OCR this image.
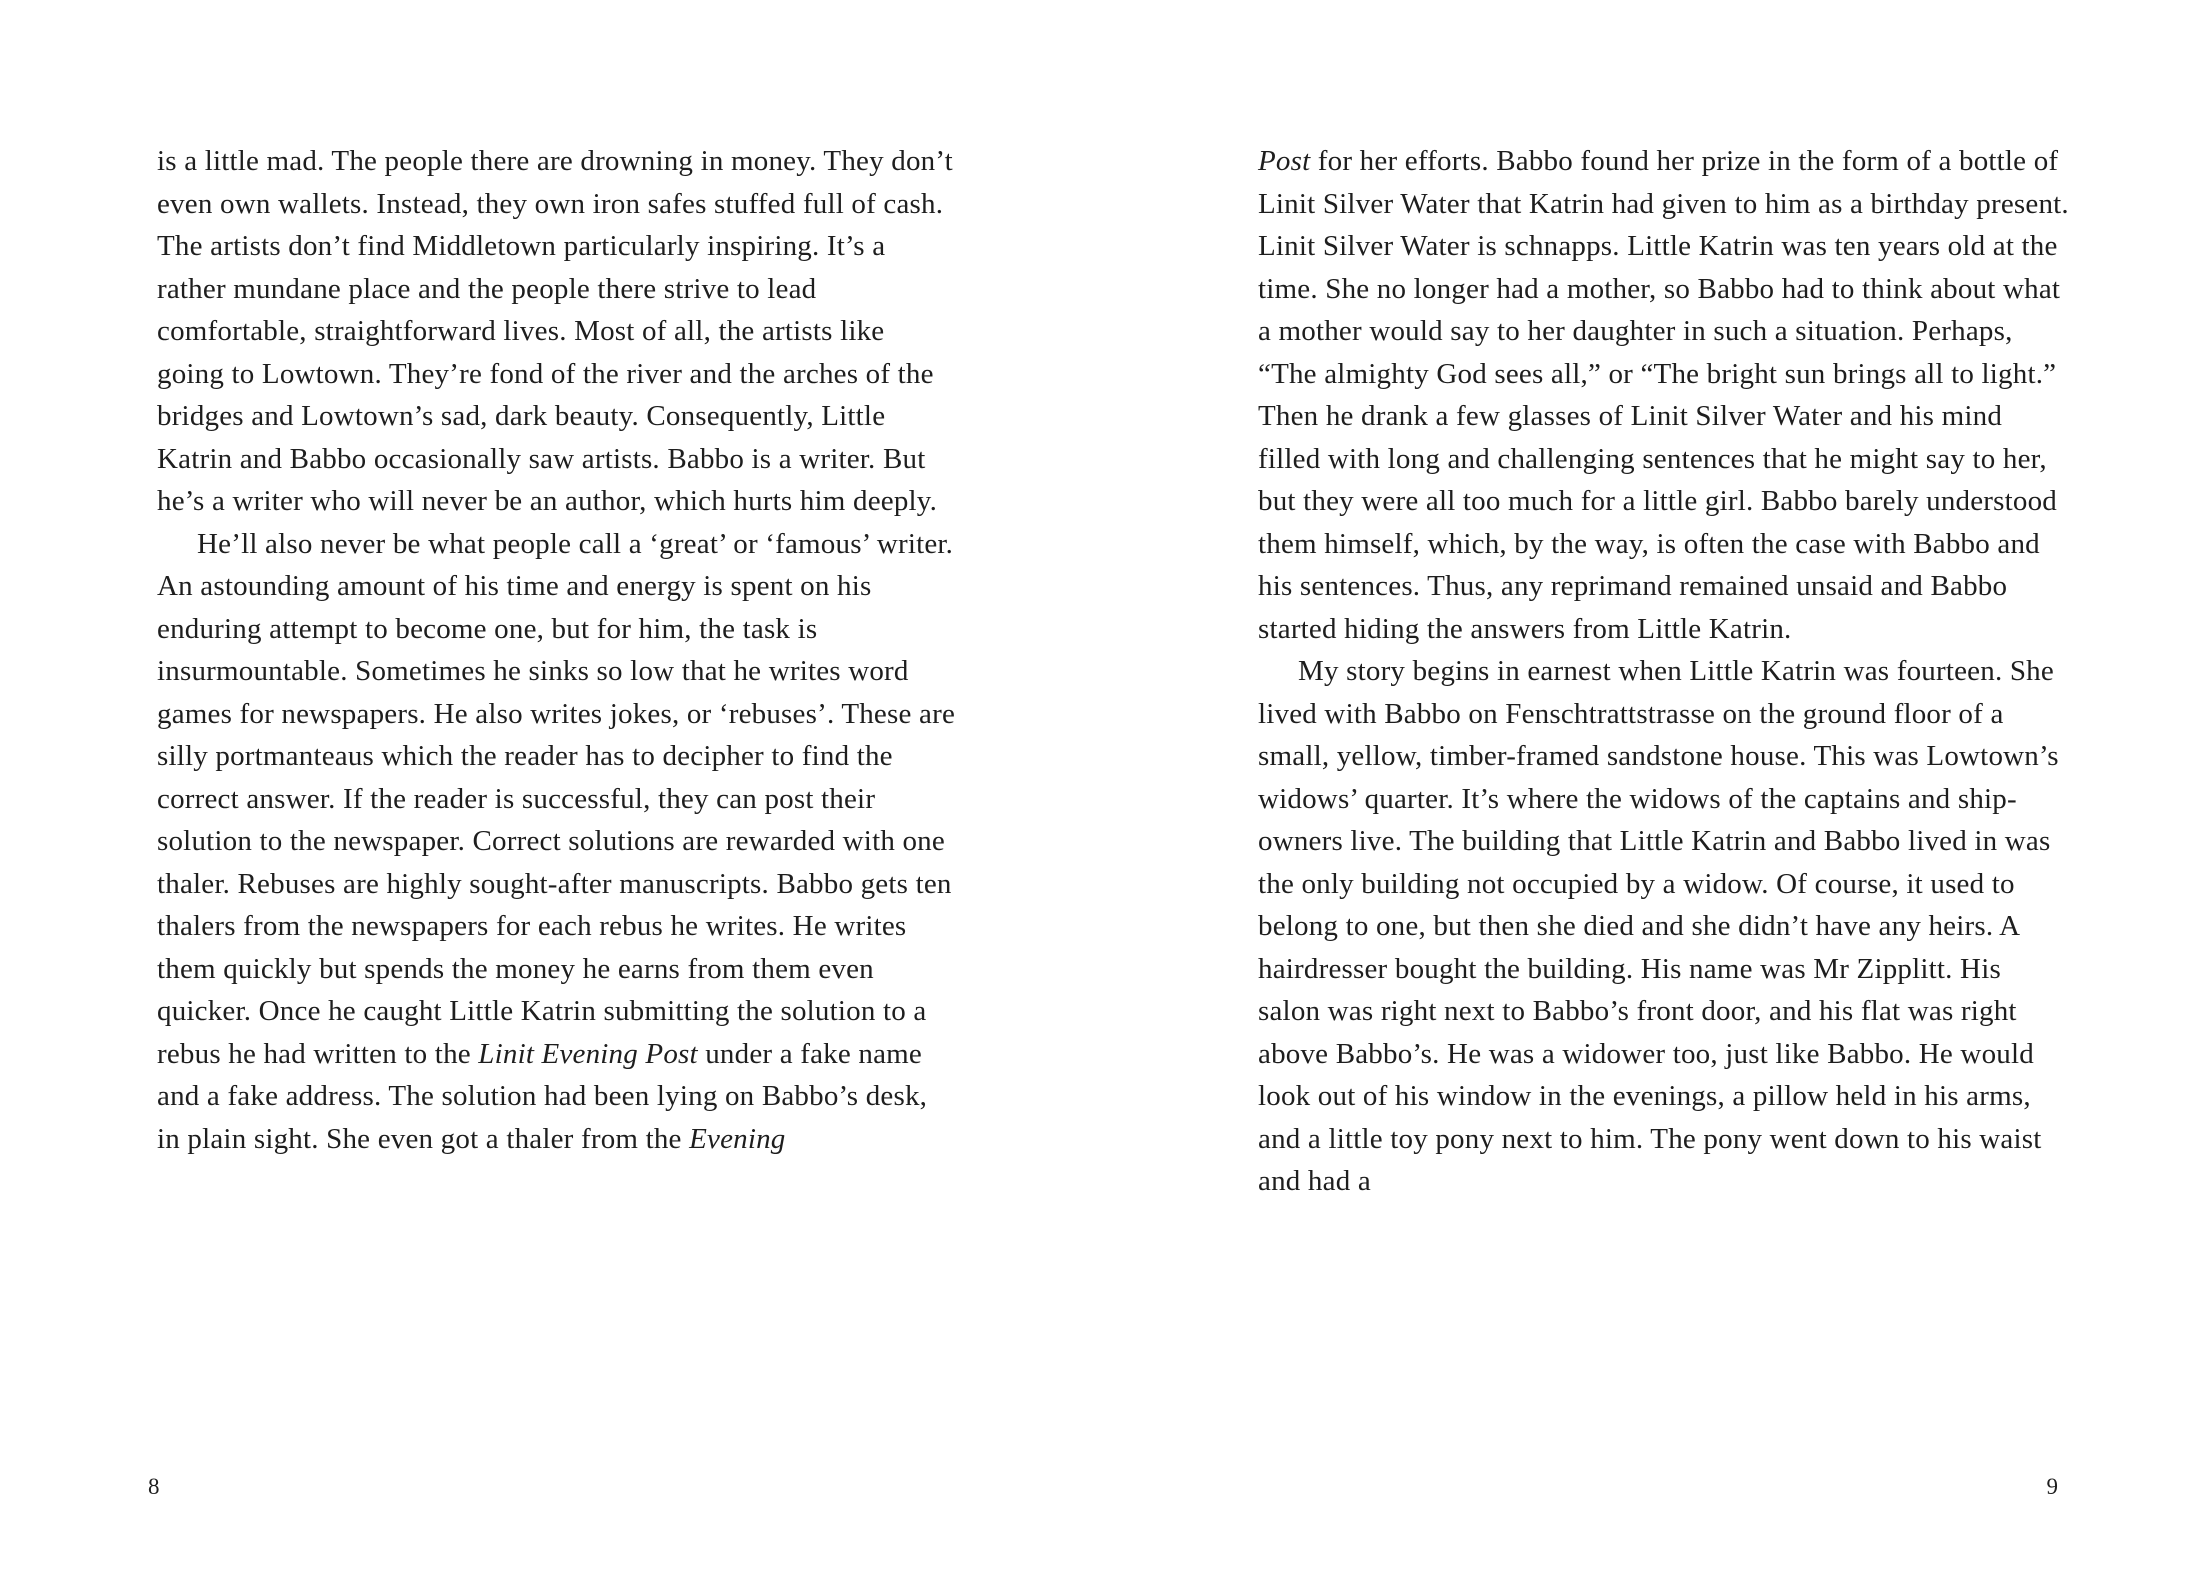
is a little mad. The people there are drowning in money. They don’t even own wallets. Instead, they own iron safes stuffed full of cash. The artists don’t find Middletown particularly inspiring. It’s a rather mundane place and the people there strive to lead comfortable, straightforward lives. Most of all, the artists like going to Lowtown. They’re fond of the river and the arches of the bridges and Lowtown’s sad, dark beauty. Consequently, Little Katrin and Babbo occasionally saw artists. Babbo is a writer. But he’s a writer who will never be an author, which hurts him deeply.

He’ll also never be what people call a ‘great’ or ‘famous’ writer. An astounding amount of his time and energy is spent on his enduring attempt to become one, but for him, the task is insurmountable. Sometimes he sinks so low that he writes word games for newspapers. He also writes jokes, or ‘rebuses’. These are silly portmanteaus which the reader has to decipher to find the correct answer. If the reader is successful, they can post their solution to the newspaper. Correct solutions are rewarded with one thaler. Rebuses are highly sought-after manuscripts. Babbo gets ten thalers from the newspapers for each rebus he writes. He writes them quickly but spends the money he earns from them even quicker. Once he caught Little Katrin submitting the solution to a rebus he had written to the Linit Evening Post under a fake name and a fake address. The solution had been lying on Babbo’s desk, in plain sight. She even got a thaler from the Evening

Post for her efforts. Babbo found her prize in the form of a bottle of Linit Silver Water that Katrin had given to him as a birthday present. Linit Silver Water is schnapps. Little Katrin was ten years old at the time. She no longer had a mother, so Babbo had to think about what a mother would say to her daughter in such a situation. Perhaps, “The almighty God sees all,” or “The bright sun brings all to light.” Then he drank a few glasses of Linit Silver Water and his mind filled with long and challenging sentences that he might say to her, but they were all too much for a little girl. Babbo barely understood them himself, which, by the way, is often the case with Babbo and his sentences. Thus, any reprimand remained unsaid and Babbo started hiding the answers from Little Katrin.

My story begins in earnest when Little Katrin was fourteen. She lived with Babbo on Fenschtrattstrasse on the ground floor of a small, yellow, timber-framed sandstone house. This was Lowtown’s widows’ quarter. It’s where the widows of the captains and ship-owners live. The building that Little Katrin and Babbo lived in was the only building not occupied by a widow. Of course, it used to belong to one, but then she died and she didn’t have any heirs. A hairdresser bought the building. His name was Mr Zipplitt. His salon was right next to Babbo’s front door, and his flat was right above Babbo’s. He was a widower too, just like Babbo. He would look out of his window in the evenings, a pillow held in his arms, and a little toy pony next to him. The pony went down to his waist and had a

8	9
